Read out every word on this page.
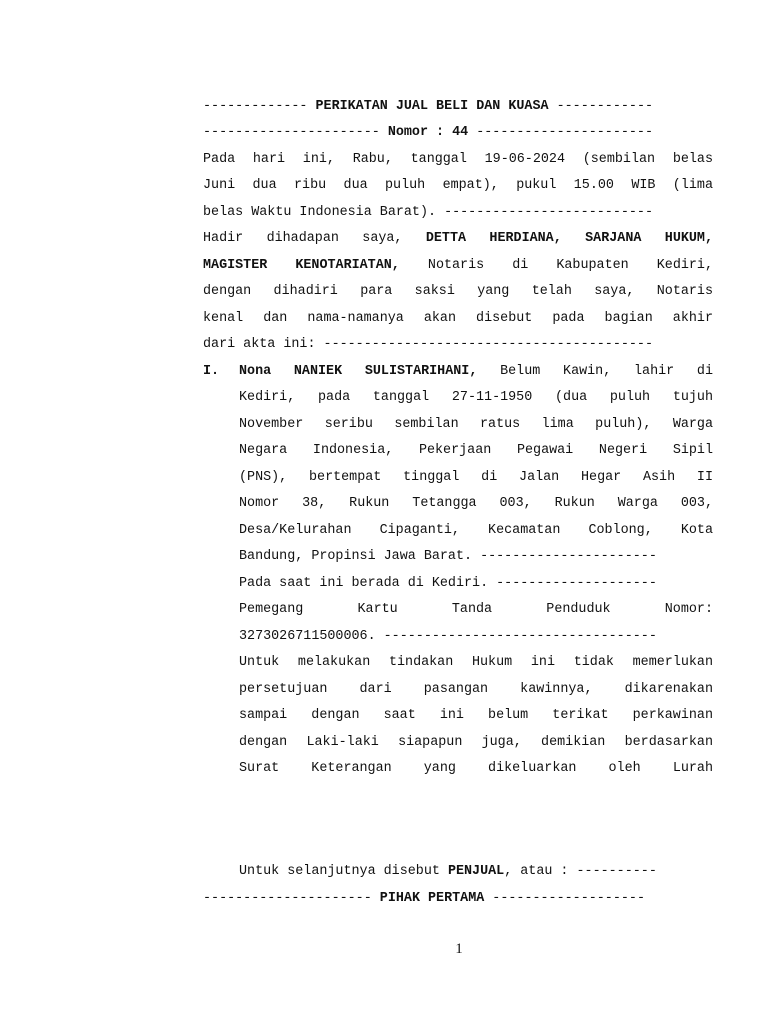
------------- PERIKATAN JUAL BELI DAN KUASA ------------
---------------------- Nomor : 44 ----------------------
Pada hari ini, Rabu, tanggal 19-06-2024 (sembilan belas
Juni dua ribu dua puluh empat), pukul 15.00 WIB (lima
belas Waktu Indonesia Barat). --------------------------
Hadir dihadapan saya, DETTA HERDIANA, SARJANA HUKUM,
MAGISTER KENOTARIATAN, Notaris di Kabupaten Kediri,
dengan dihadiri para saksi yang telah saya, Notaris
kenal dan nama-namanya akan disebut pada bagian akhir
dari akta ini: -----------------------------------------
I. Nona NANIEK SULISTARIHANI, Belum Kawin, lahir di
Kediri, pada tanggal 27-11-1950 (dua puluh tujuh
November seribu sembilan ratus lima puluh), Warga
Negara Indonesia, Pekerjaan Pegawai Negeri Sipil
(PNS), bertempat tinggal di Jalan Hegar Asih II
Nomor 38, Rukun Tetangga 003, Rukun Warga 003,
Desa/Kelurahan Cipaganti, Kecamatan Coblong, Kota
Bandung, Propinsi Jawa Barat. ----------------------
Pada saat ini berada di Kediri. --------------------
Pemegang Kartu Tanda Penduduk Nomor:
3273026711500006. ----------------------------------
Untuk melakukan tindakan Hukum ini tidak memerlukan
persetujuan dari pasangan kawinnya, dikarenakan
sampai dengan saat ini belum terikat perkawinan
dengan Laki-laki siapapun juga, demikian berdasarkan
Surat Keterangan yang dikeluarkan oleh Lurah
Untuk selanjutnya disebut PENJUAL, atau : ----------
--------------------- PIHAK PERTAMA -------------------
1
